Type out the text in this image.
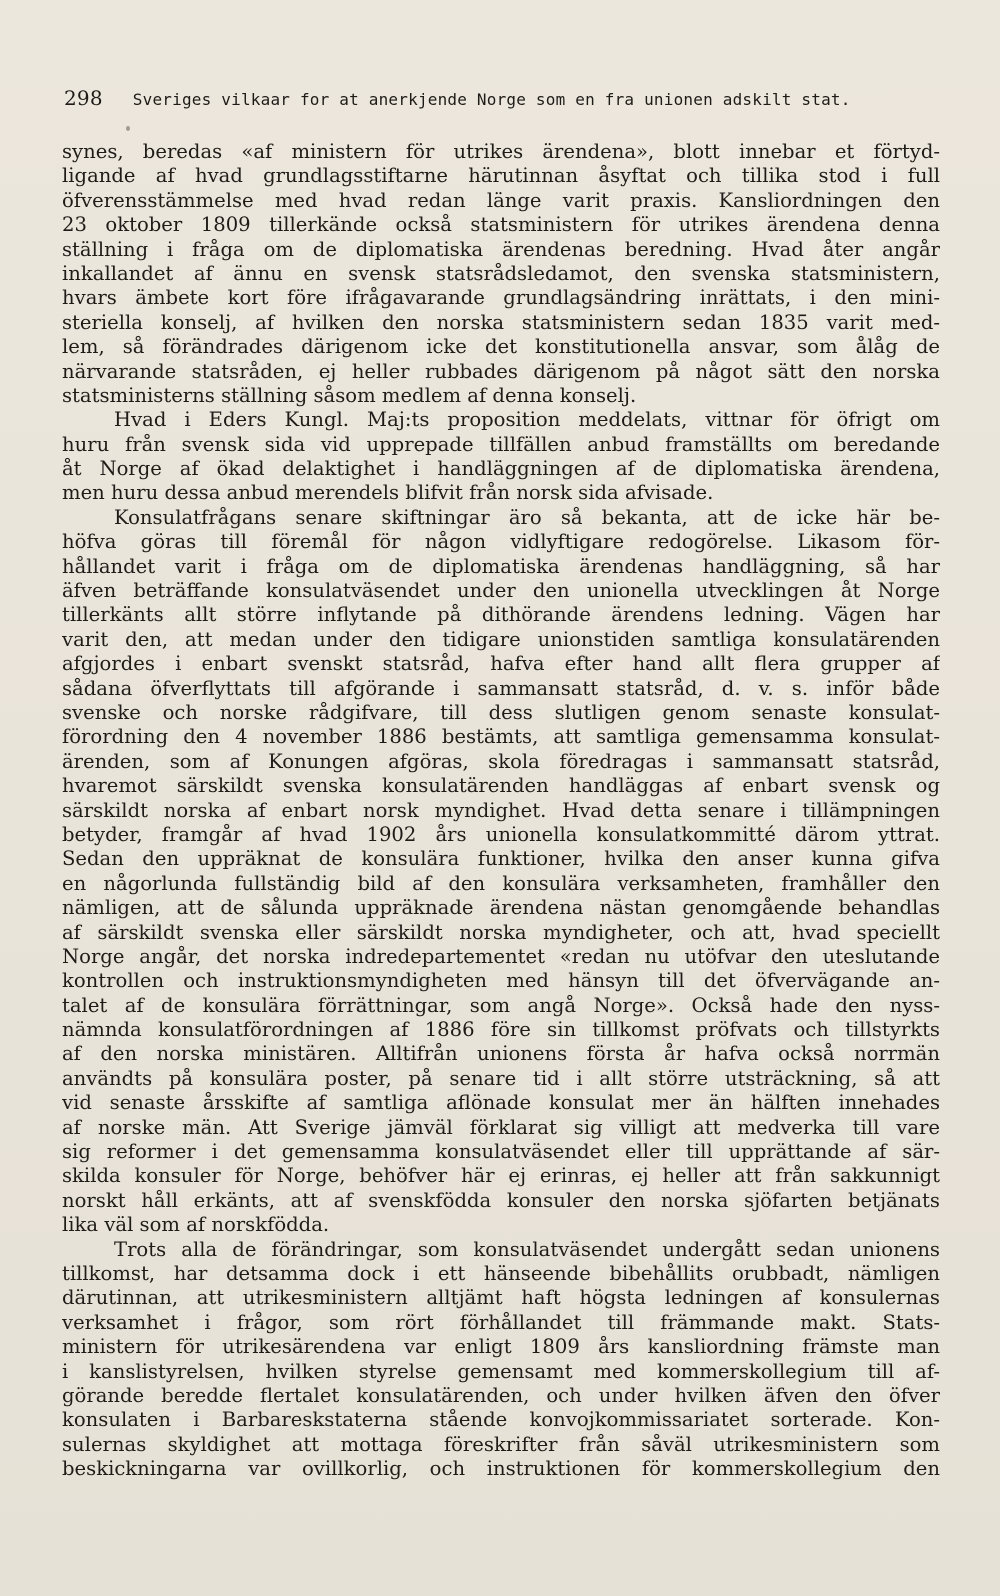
298 Sveriges vilkaar for at anerkjende Norge som en fra unionen adskilt stat.
synes, beredas «af ministern för utrikes ärendena», blott innebar et förtyd-
ligande af hvad grundlagsstiftarne härutinnan åsyftat och tillika stod i full
öfverensstämmelse med hvad redan länge varit praxis. Kansliordningen den
23 oktober 1809 tillerkände också statsministern för utrikes ärendena denna
ställning i fråga om de diplomatiska ärendenas beredning. Hvad åter angår
inkallandet af ännu en svensk statsrådsledamot, den svenska statsministern,
hvars ämbete kort före ifrågavarande grundlagsändring inrättats, i den mini-
steriella konselj, af hvilken den norska statsministern sedan 1835 varit med-
lem, så förändrades därigenom icke det konstitutionella ansvar, som ålåg de
närvarande statsråden, ej heller rubbades därigenom på något sätt den norska
statsministerns ställning såsom medlem af denna konselj.
Hvad i Eders Kungl. Maj:ts proposition meddelats, vittnar för öfrigt om
huru från svensk sida vid upprepade tillfällen anbud framställts om beredande
åt Norge af ökad delaktighet i handläggningen af de diplomatiska ärendena,
men huru dessa anbud merendels blifvit från norsk sida afvisade.
Konsulatfrågans senare skiftningar äro så bekanta, att de icke här be-
höfva göras till föremål för någon vidlyftigare redogörelse. Likasom för-
hållandet varit i fråga om de diplomatiska ärendenas handläggning, så har
äfven beträffande konsulatväsendet under den unionella utvecklingen åt Norge
tillerkänts allt större inflytande på dithörande ärendens ledning. Vägen har
varit den, att medan under den tidigare unionstiden samtliga konsulatärenden
afgjordes i enbart svenskt statsråd, hafva efter hand allt flera grupper af
sådana öfverflyttats till afgörande i sammansatt statsråd, d. v. s. inför både
svenske och norske rådgifvare, till dess slutligen genom senaste konsulat-
förordning den 4 november 1886 bestämts, att samtliga gemensamma konsulat-
ärenden, som af Konungen afgöras, skola föredragas i sammansatt statsråd,
hvaremot särskildt svenska konsulatärenden handläggas af enbart svensk og
särskildt norska af enbart norsk myndighet. Hvad detta senare i tillämpningen
betyder, framgår af hvad 1902 års unionella konsulatkommitté därom yttrat.
Sedan den uppräknat de konsulära funktioner, hvilka den anser kunna gifva
en någorlunda fullständig bild af den konsulära verksamheten, framhåller den
nämligen, att de sålunda uppräknade ärendena nästan genomgående behandlas
af särskildt svenska eller särskildt norska myndigheter, och att, hvad speciellt
Norge angår, det norska indredepartementet «redan nu utöfvar den uteslutande
kontrollen och instruktionsmyndigheten med hänsyn till det öfvervägande an-
talet af de konsulära förrättningar, som angå Norge». Också hade den nyss-
nämnda konsulatförordningen af 1886 före sin tillkomst pröfvats och tillstyrkts
af den norska ministären. Alltifrån unionens första år hafva också norrmän
användts på konsulära poster, på senare tid i allt större utsträckning, så att
vid senaste årsskifte af samtliga aflönade konsulat mer än hälften innehades
af norske män. Att Sverige jämväl förklarat sig villigt att medverka till vare
sig reformer i det gemensamma konsulatväsendet eller till upprättande af sär-
skilda konsuler för Norge, behöfver här ej erinras, ej heller att från sakkunnigt
norskt håll erkänts, att af svenskfödda konsuler den norska sjöfarten betjänats
lika väl som af norskfödda.
Trots alla de förändringar, som konsulatväsendet undergått sedan unionens
tillkomst, har detsamma dock i ett hänseende bibehållits orubbadt, nämligen
därutinnan, att utrikesministern alltjämt haft högsta ledningen af konsulernas
verksamhet i frågor, som rört förhållandet till främmande makt. Stats-
ministern för utrikesärendena var enligt 1809 års kansliordning främste man
i kanslistyrelsen, hvilken styrelse gemensamt med kommerskollegium till af-
görande beredde flertalet konsulatärenden, och under hvilken äfven den öfver
konsulaten i Barbareskstaterna stående konvojkommissariatet sorterade. Kon-
sulernas skyldighet att mottaga föreskrifter från såväl utrikesministern som
beskickningarna var ovillkorlig, och instruktionen för kommerskollegium den
